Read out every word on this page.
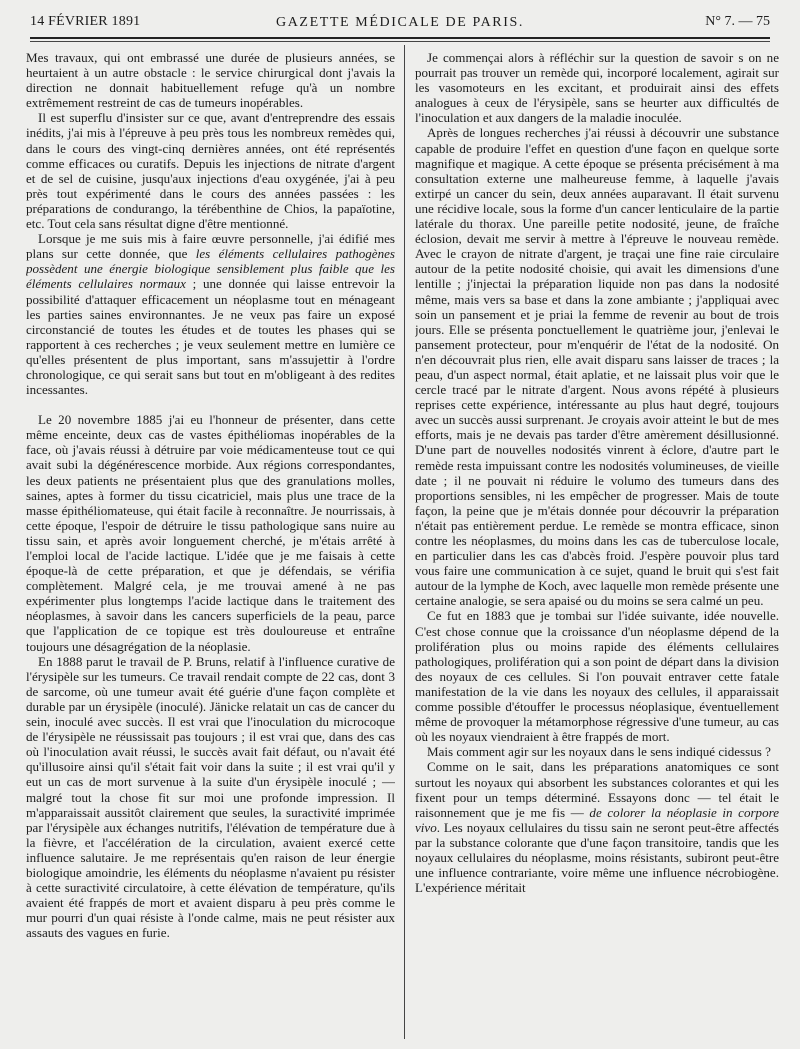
14 FÉVRIER 1891	GAZETTE MÉDICALE DE PARIS.	N° 7. — 75

Mes travaux, qui ont embrassé une durée de plusieurs années, se heurtaient à un autre obstacle : le service chirurgical dont j'avais la direction ne donnait habituellement refuge qu'à un nombre extrêmement restreint de cas de tumeurs inopérables.

Il est superflu d'insister sur ce que, avant d'entreprendre des essais inédits, j'ai mis à l'épreuve à peu près tous les nombreux remèdes qui, dans le cours des vingt-cinq dernières années, ont été représentés comme efficaces ou curatifs. Depuis les injections de nitrate d'argent et de sel de cuisine, jusqu'aux injections d'eau oxygénée, j'ai à peu près tout expérimenté dans le cours des années passées : les préparations de condurango, la térébenthine de Chios, la papaïotine, etc. Tout cela sans résultat digne d'être mentionné.

Lorsque je me suis mis à faire œuvre personnelle, j'ai édifié mes plans sur cette donnée, que les éléments cellulaires pathogènes possèdent une énergie biologique sensiblement plus faible que les éléments cellulaires normaux ; une donnée qui laisse entrevoir la possibilité d'attaquer efficacement un néoplasme tout en ménageant les parties saines environnantes. Je ne veux pas faire un exposé circonstancié de toutes les études et de toutes les phases qui se rapportent à ces recherches ; je veux seulement mettre en lumière ce qu'elles présentent de plus important, sans m'assujettir à l'ordre chronologique, ce qui serait sans but tout en m'obligeant à des redites incessantes.

Le 20 novembre 1885 j'ai eu l'honneur de présenter, dans cette même enceinte, deux cas de vastes épithéliomas inopérables de la face, où j'avais réussi à détruire par voie médicamenteuse tout ce qui avait subi la dégénérescence morbide. Aux régions correspondantes, les deux patients ne présentaient plus que des granulations molles, saines, aptes à former du tissu cicatriciel, mais plus une trace de la masse épithéliomateuse, qui était facile à reconnaître. Je nourrissais, à cette époque, l'espoir de détruire le tissu pathologique sans nuire au tissu sain, et après avoir longuement cherché, je m'étais arrêté à l'emploi local de l'acide lactique. L'idée que je me faisais à cette époque-là de cette préparation, et que je défendais, se vérifia complètement. Malgré cela, je me trouvai amené à ne pas expérimenter plus longtemps l'acide lactique dans le traitement des néoplasmes, à savoir dans les cancers superficiels de la peau, parce que l'application de ce topique est très douloureuse et entraîne toujours une désagrégation de la néoplasie.

En 1888 parut le travail de P. Bruns, relatif à l'influence curative de l'érysipèle sur les tumeurs. Ce travail rendait compte de 22 cas, dont 3 de sarcome, où une tumeur avait été guérie d'une façon complète et durable par un érysipèle (inoculé). Jänicke relatait un cas de cancer du sein, inoculé avec succès. Il est vrai que l'inoculation du microcoque de l'érysipèle ne réussissait pas toujours ; il est vrai que, dans des cas où l'inoculation avait réussi, le succès avait fait défaut, ou n'avait été qu'illusoire ainsi qu'il s'était fait voir dans la suite ; il est vrai qu'il y eut un cas de mort survenue à la suite d'un érysipèle inoculé ; — malgré tout la chose fit sur moi une profonde impression. Il m'apparaissait aussitôt clairement que seules, la suractivité imprimée par l'érysipèle aux échanges nutritifs, l'élévation de température due à la fièvre, et l'accélération de la circulation, avaient exercé cette influence salutaire. Je me représentais qu'en raison de leur énergie biologique amoindrie, les éléments du néoplasme n'avaient pu résister à cette suractivité circulatoire, à cette élévation de température, qu'ils avaient été frappés de mort et avaient disparu à peu près comme le mur pourri d'un quai résiste à l'onde calme, mais ne peut résister aux assauts des vagues en furie.

Je commençai alors à réfléchir sur la question de savoir s on ne pourrait pas trouver un remède qui, incorporé localement, agirait sur les vasomoteurs en les excitant, et produirait ainsi des effets analogues à ceux de l'érysipèle, sans se heurter aux difficultés de l'inoculation et aux dangers de la maladie inoculée.

Après de longues recherches j'ai réussi à découvrir une substance capable de produire l'effet en question d'une façon en quelque sorte magnifique et magique. A cette époque se présenta précisément à ma consultation externe une malheureuse femme, à laquelle j'avais extirpé un cancer du sein, deux années auparavant. Il était survenu une récidive locale, sous la forme d'un cancer lenticulaire de la partie latérale du thorax. Une pareille petite nodosité, jeune, de fraîche éclosion, devait me servir à mettre à l'épreuve le nouveau remède. Avec le crayon de nitrate d'argent, je traçai une fine raie circulaire autour de la petite nodosité choisie, qui avait les dimensions d'une lentille ; j'injectai la préparation liquide non pas dans la nodosité même, mais vers sa base et dans la zone ambiante ; j'appliquai avec soin un pansement et je priai la femme de revenir au bout de trois jours. Elle se présenta ponctuellement le quatrième jour, j'enlevai le pansement protecteur, pour m'enquérir de l'état de la nodosité. On n'en découvrait plus rien, elle avait disparu sans laisser de traces ; la peau, d'un aspect normal, était aplatie, et ne laissait plus voir que le cercle tracé par le nitrate d'argent. Nous avons répété à plusieurs reprises cette expérience, intéressante au plus haut degré, toujours avec un succès aussi surprenant. Je croyais avoir atteint le but de mes efforts, mais je ne devais pas tarder d'être amèrement désillusionné. D'une part de nouvelles nodosités vinrent à éclore, d'autre part le remède resta impuissant contre les nodosités volumineuses, de vieille date ; il ne pouvait ni réduire le volumo des tumeurs dans des proportions sensibles, ni les empêcher de progresser. Mais de toute façon, la peine que je m'étais donnée pour découvrir la préparation n'était pas entièrement perdue. Le remède se montra efficace, sinon contre les néoplasmes, du moins dans les cas de tuberculose locale, en particulier dans les cas d'abcès froid. J'espère pouvoir plus tard vous faire une communication à ce sujet, quand le bruit qui s'est fait autour de la lymphe de Koch, avec laquelle mon remède présente une certaine analogie, se sera apaisé ou du moins se sera calmé un peu.

Ce fut en 1883 que je tombai sur l'idée suivante, idée nouvelle. C'est chose connue que la croissance d'un néoplasme dépend de la prolifération plus ou moins rapide des éléments cellulaires pathologiques, prolifération qui a son point de départ dans la division des noyaux de ces cellules. Si l'on pouvait entraver cette fatale manifestation de la vie dans les noyaux des cellules, il apparaissait comme possible d'étouffer le processus néoplasique, éventuellement même de provoquer la métamorphose régressive d'une tumeur, au cas où les noyaux viendraient à être frappés de mort.

Mais comment agir sur les noyaux dans le sens indiqué cidessus ?

Comme on le sait, dans les préparations anatomiques ce sont surtout les noyaux qui absorbent les substances colorantes et qui les fixent pour un temps déterminé. Essayons donc — tel était le raisonnement que je me fis — de colorer la néoplasie in corpore vivo. Les noyaux cellulaires du tissu sain ne seront peut-être affectés par la substance colorante que d'une façon transitoire, tandis que les noyaux cellulaires du néoplasme, moins résistants, subiront peut-être une influence contrariante, voire même une influence nécrobiogène. L'expérience méritait
